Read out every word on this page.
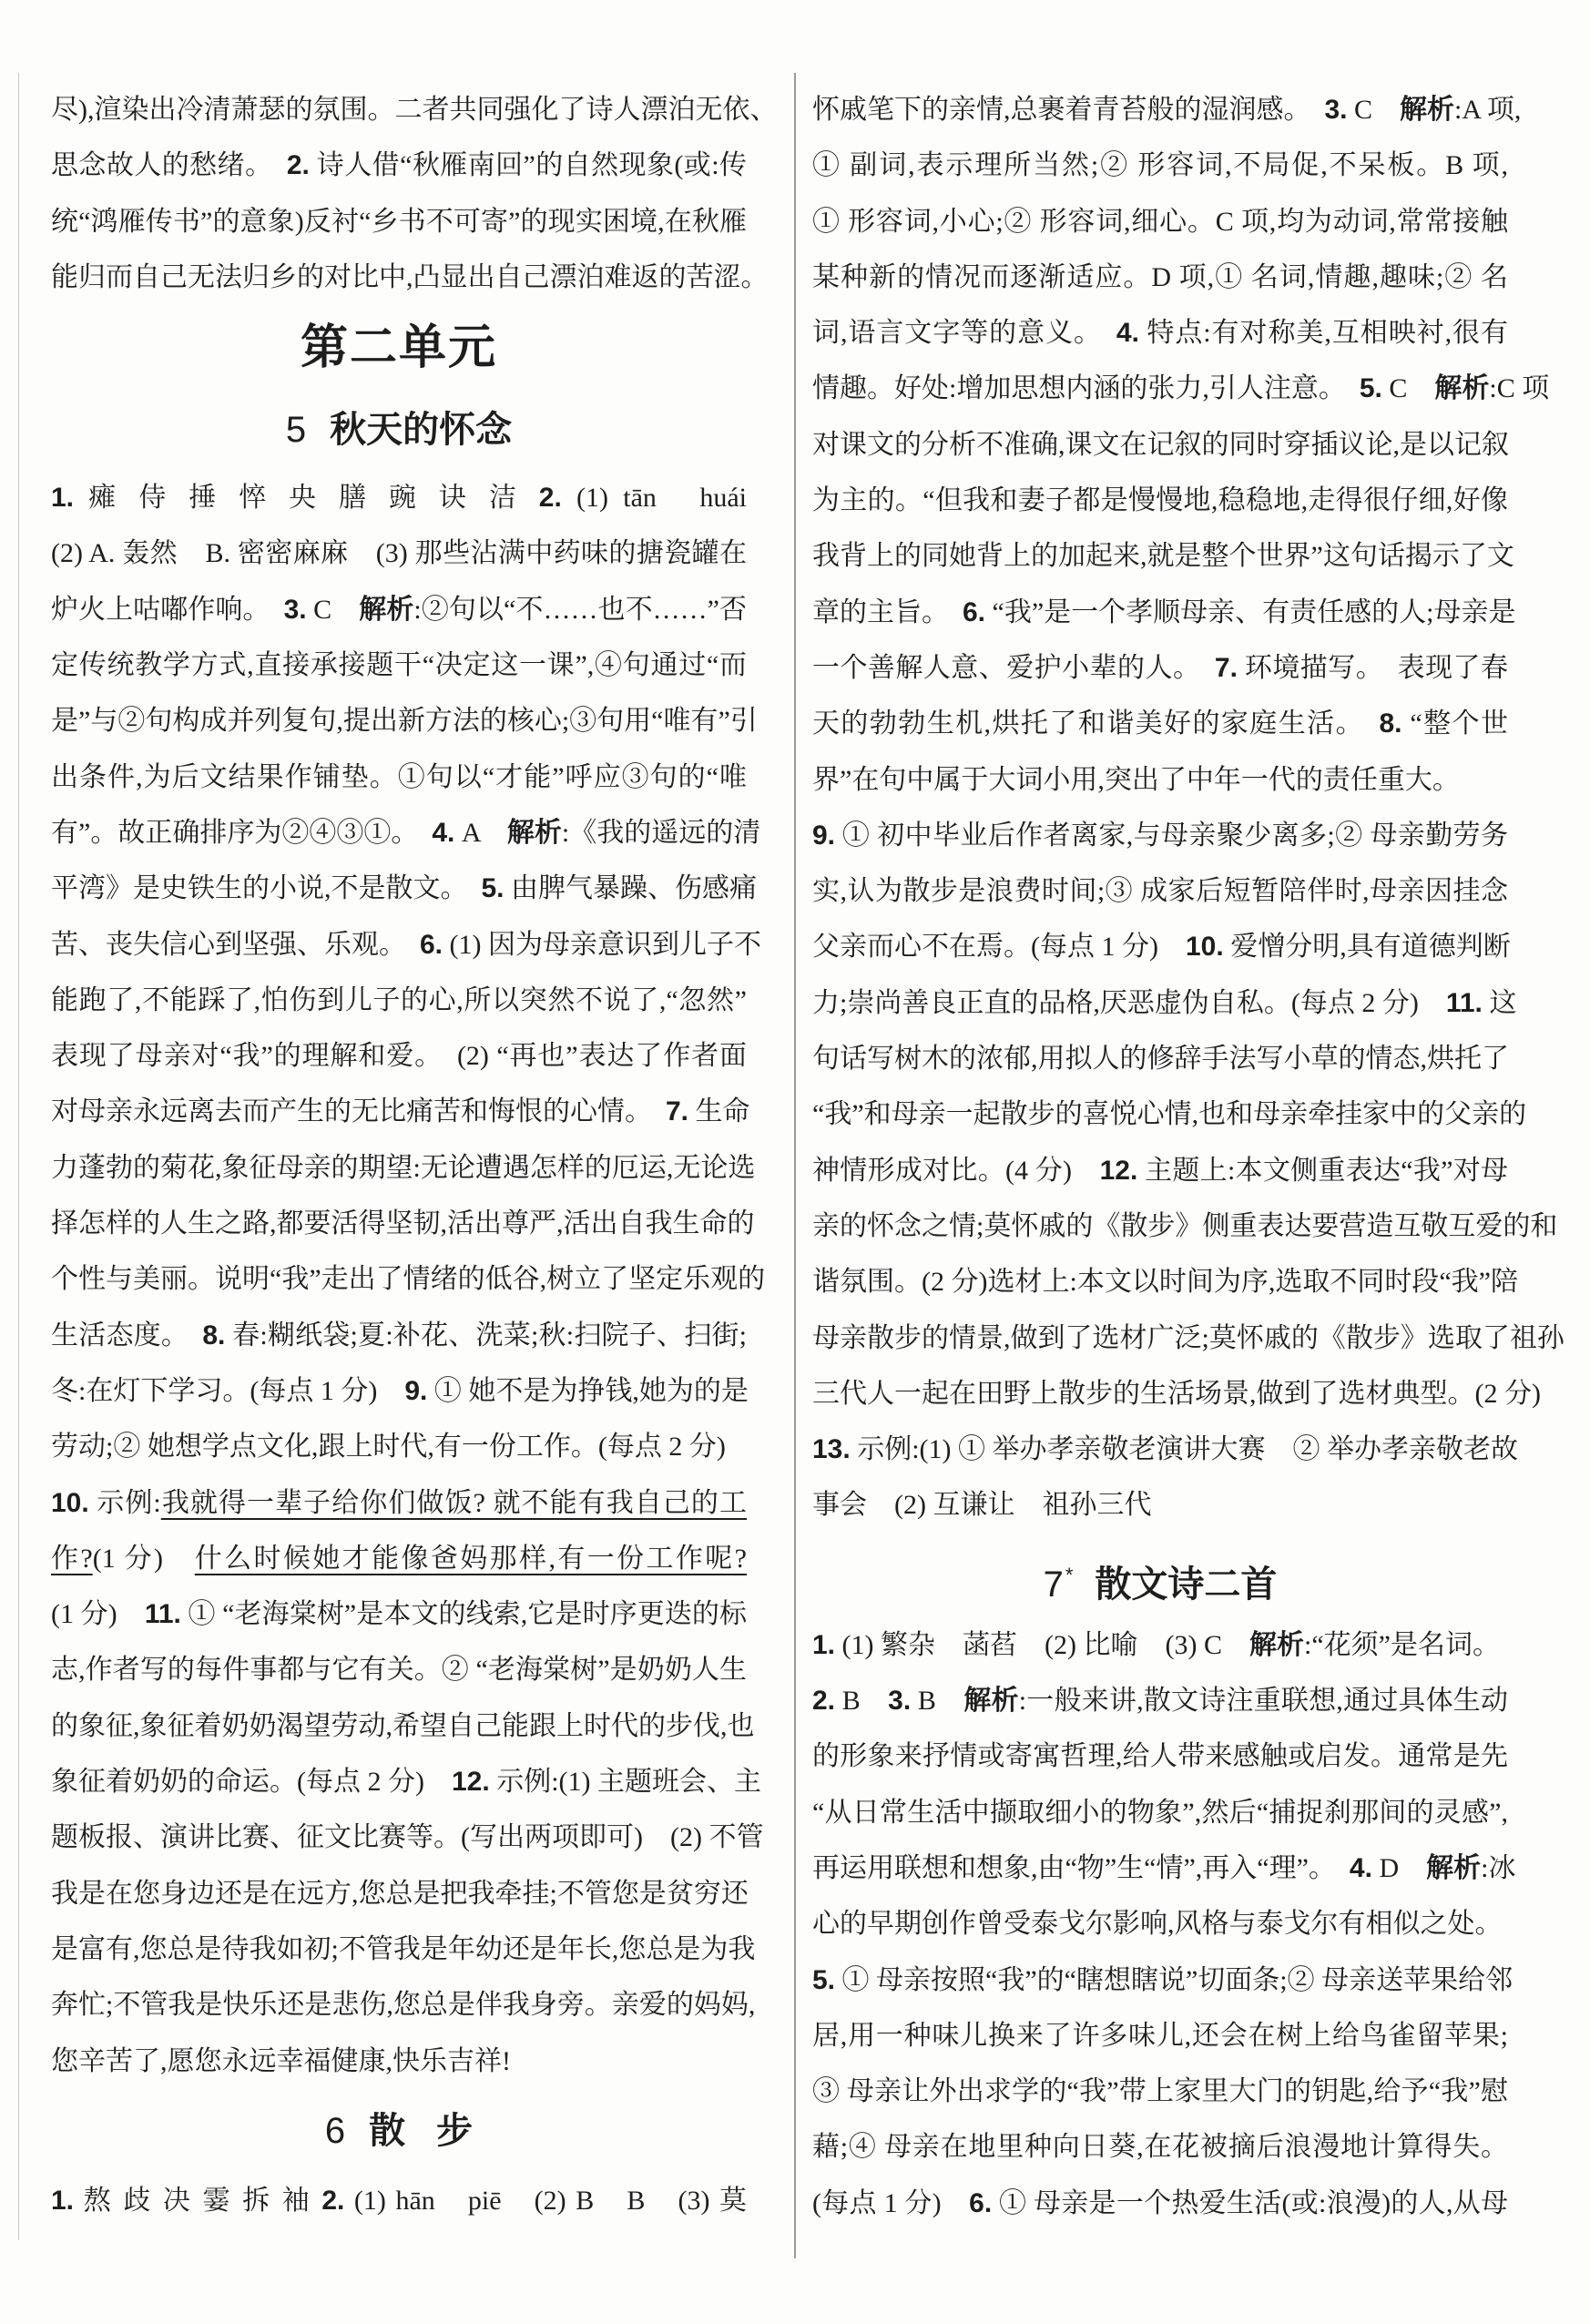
尽),渲染出冷清萧瑟的氛围。二者共同强化了诗人漂泊无依、
思念故人的愁绪。　2. 诗人借“秋雁南回”的自然现象(或:传
统“鸿雁传书”的意象)反衬“乡书不可寄”的现实困境,在秋雁
能归而自己无法归乡的对比中,凸显出自己漂泊难返的苦涩。
第二单元
5 秋天的怀念
1. 瘫 侍 捶 悴 央 膳 豌 诀 洁 2. (1) tān　huái
(2) A. 轰然　B. 密密麻麻　(3) 那些沾满中药味的搪瓷罐在
炉火上咕嘟作响。　3. C　解析:②句以“不……也不……”否
定传统教学方式,直接承接题干“决定这一课”,④句通过“而
是”与②句构成并列复句,提出新方法的核心;③句用“唯有”引
出条件,为后文结果作铺垫。①句以“才能”呼应③句的“唯
有”。故正确排序为②④③①。　4. A　解析:《我的遥远的清
平湾》是史铁生的小说,不是散文。　5. 由脾气暴躁、伤感痛
苦、丧失信心到坚强、乐观。　6. (1) 因为母亲意识到儿子不
能跑了,不能踩了,怕伤到儿子的心,所以突然不说了,“忽然”
表现了母亲对“我”的理解和爱。　(2) “再也”表达了作者面
对母亲永远离去而产生的无比痛苦和悔恨的心情。　7. 生命
力蓬勃的菊花,象征母亲的期望:无论遭遇怎样的厄运,无论选
择怎样的人生之路,都要活得坚韧,活出尊严,活出自我生命的
个性与美丽。说明“我”走出了情绪的低谷,树立了坚定乐观的
生活态度。　8. 春:糊纸袋;夏:补花、洗菜;秋:扫院子、扫街;
冬:在灯下学习。(每点 1 分)　9. ① 她不是为挣钱,她为的是
劳动;② 她想学点文化,跟上时代,有一份工作。(每点 2 分)
10. 示例:我就得一辈子给你们做饭? 就不能有我自己的工
作?(1 分)　什么时候她才能像爸妈那样,有一份工作呢?
(1 分)　11. ① “老海棠树”是本文的线索,它是时序更迭的标
志,作者写的每件事都与它有关。② “老海棠树”是奶奶人生
的象征,象征着奶奶渴望劳动,希望自己能跟上时代的步伐,也
象征着奶奶的命运。(每点 2 分)　12. 示例:(1) 主题班会、主
题板报、演讲比赛、征文比赛等。(写出两项即可)　(2) 不管
我是在您身边还是在远方,您总是把我牵挂;不管您是贫穷还
是富有,您总是待我如初;不管我是年幼还是年长,您总是为我
奔忙;不管我是快乐还是悲伤,您总是伴我身旁。亲爱的妈妈,
您辛苦了,愿您永远幸福健康,快乐吉祥!
6 散步
1. 熬 歧 决 霎 拆 袖 2. (1) hān　piē　(2) B　B　(3) 莫
怀戚笔下的亲情,总裹着青苔般的湿润感。　3. C　解析:A 项,
① 副词,表示理所当然;② 形容词,不局促,不呆板。B 项,
① 形容词,小心;② 形容词,细心。C 项,均为动词,常常接触
某种新的情况而逐渐适应。D 项,① 名词,情趣,趣味;② 名
词,语言文字等的意义。　4. 特点:有对称美,互相映衬,很有
情趣。好处:增加思想内涵的张力,引人注意。　5. C　解析:C 项
对课文的分析不准确,课文在记叙的同时穿插议论,是以记叙
为主的。“但我和妻子都是慢慢地,稳稳地,走得很仔细,好像
我背上的同她背上的加起来,就是整个世界”这句话揭示了文
章的主旨。　6. “我”是一个孝顺母亲、有责任感的人;母亲是
一个善解人意、爱护小辈的人。　7. 环境描写。　表现了春
天的勃勃生机,烘托了和谐美好的家庭生活。　8. “整个世
界”在句中属于大词小用,突出了中年一代的责任重大。
9. ① 初中毕业后作者离家,与母亲聚少离多;② 母亲勤劳务
实,认为散步是浪费时间;③ 成家后短暂陪伴时,母亲因挂念
父亲而心不在焉。(每点 1 分)　10. 爱憎分明,具有道德判断
力;崇尚善良正直的品格,厌恶虚伪自私。(每点 2 分)　11. 这
句话写树木的浓郁,用拟人的修辞手法写小草的情态,烘托了
“我”和母亲一起散步的喜悦心情,也和母亲牵挂家中的父亲的
神情形成对比。(4 分)　12. 主题上:本文侧重表达“我”对母
亲的怀念之情;莫怀戚的《散步》侧重表达要营造互敬互爱的和
谐氛围。(2 分)选材上:本文以时间为序,选取不同时段“我”陪
母亲散步的情景,做到了选材广泛;莫怀戚的《散步》选取了祖孙
三代人一起在田野上散步的生活场景,做到了选材典型。(2 分)
13. 示例:(1) ① 举办孝亲敬老演讲大赛　② 举办孝亲敬老故
事会　(2) 互谦让　祖孙三代
7* 散文诗二首
1. (1) 繁杂　菡萏　(2) 比喻　(3) C　解析:“花须”是名词。
2. B　3. B　解析:一般来讲,散文诗注重联想,通过具体生动
的形象来抒情或寄寓哲理,给人带来感触或启发。通常是先
“从日常生活中撷取细小的物象”,然后“捕捉刹那间的灵感”,
再运用联想和想象,由“物”生“情”,再入“理”。　4. D　解析:冰
心的早期创作曾受泰戈尔影响,风格与泰戈尔有相似之处。
5. ① 母亲按照“我”的“瞎想瞎说”切面条;② 母亲送苹果给邻
居,用一种味儿换来了许多味儿,还会在树上给鸟雀留苹果;
③ 母亲让外出求学的“我”带上家里大门的钥匙,给予“我”慰
藉;④ 母亲在地里种向日葵,在花被摘后浪漫地计算得失。
(每点 1 分)　6. ① 母亲是一个热爱生活(或:浪漫)的人,从母
